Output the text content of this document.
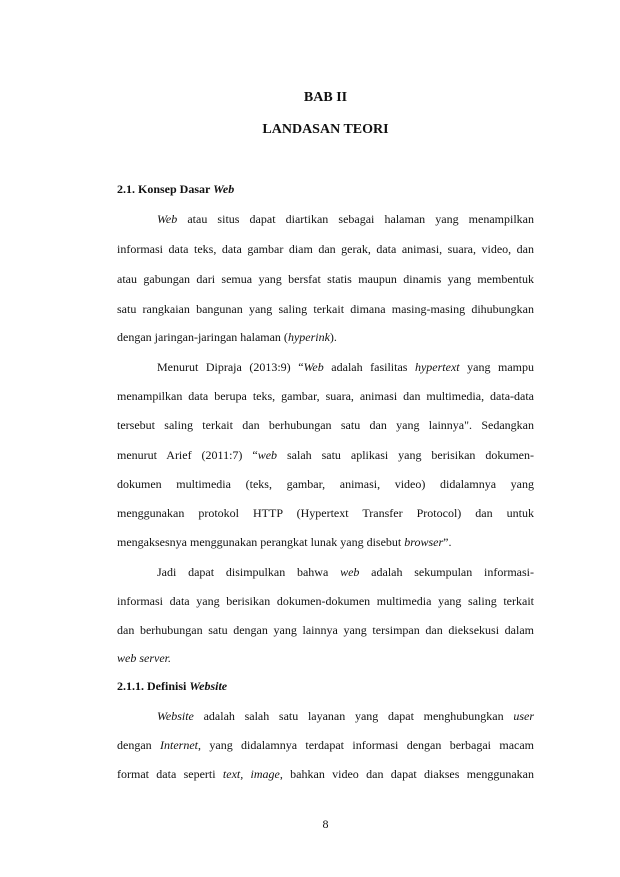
BAB II
LANDASAN TEORI
2.1. Konsep Dasar Web
Web atau situs dapat diartikan sebagai halaman yang menampilkan
informasi data teks, data gambar diam dan gerak, data animasi, suara, video, dan
atau gabungan dari semua yang bersfat statis maupun dinamis yang membentuk
satu rangkaian bangunan yang saling terkait dimana masing-masing dihubungkan
dengan jaringan-jaringan halaman (hyperink).
Menurut Dipraja (2013:9) “Web adalah fasilitas hypertext yang mampu
menampilkan data berupa teks, gambar, suara, animasi dan multimedia, data-data
tersebut saling terkait dan berhubungan satu dan yang lainnya". Sedangkan
menurut Arief (2011:7) “web salah satu aplikasi yang berisikan dokumen-
dokumen multimedia (teks, gambar, animasi, video) didalamnya yang
menggunakan protokol HTTP (Hypertext Transfer Protocol) dan untuk
mengaksesnya menggunakan perangkat lunak yang disebut browser”.
Jadi dapat disimpulkan bahwa web adalah sekumpulan informasi-
informasi data yang berisikan dokumen-dokumen multimedia yang saling terkait
dan berhubungan satu dengan yang lainnya yang tersimpan dan dieksekusi dalam
web server.
2.1.1. Definisi Website
Website adalah salah satu layanan yang dapat menghubungkan user
dengan Internet, yang didalamnya terdapat informasi dengan berbagai macam
format data seperti text, image, bahkan video dan dapat diakses menggunakan
8
